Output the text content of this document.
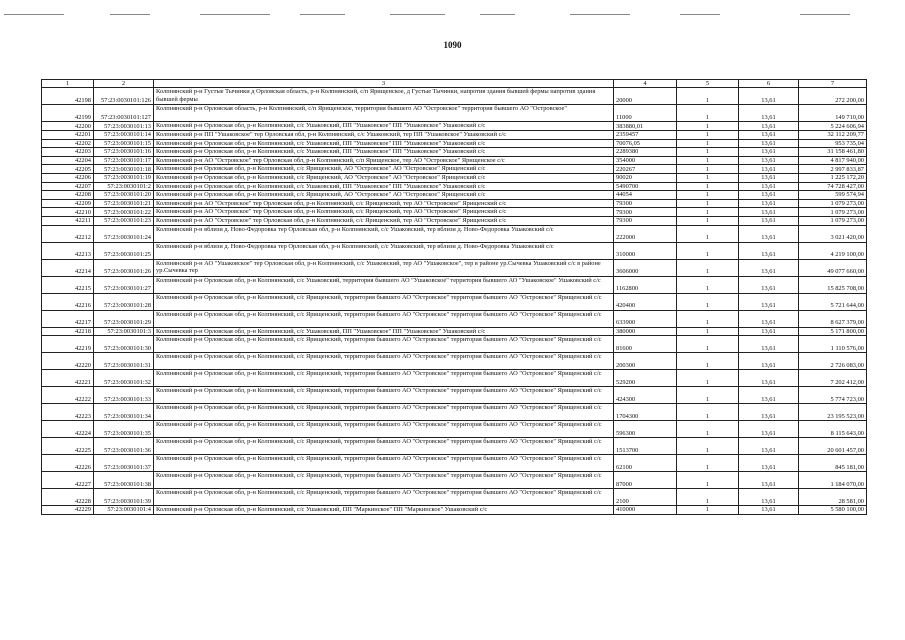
1090
1	2	3	4	5	6	7
42198	57:23:0030101:126	Колпнянский р-н Густые Тычинки д Орловская область, р-н Колпнянский, с/п Ярищенское, д Густые Тычинки, напротив здания бывшей фермы напротив здания бывшей фермы	20000	1	13,61	272 200,00
42199	57:23:0030101:127	Колпнянский р-н Орловская область, р-н Колпнянский, с/п Ярищенское, территория бывшего АО "Островское" территория бывшего АО "Островское"	11000	1	13,61	149 710,00
42200	57:23:0030101:13	Колпнянский р-н Орловская обл, р-н Колпнянский, с/с Ушаковский, ПП "Ушаковское" ПП "Ушаковское" Ушаковский с/с	383880,01	1	13,61	5 224 606,94
42201	57:23:0030101:14	Колпнянский р-н ПП "Ушаковское" тер Орловская обл, р-н Колпнянский, с/с Ушаковский, тер ПП "Ушаковское" Ушаковский с/с	2359457	1	13,61	32 112 209,77
42202	57:23:0030101:15	Колпнянский р-н Орловская обл, р-н Колпнянский, с/с Ушаковский, ПП "Ушаковское" ПП "Ушаковское" Ушаковский с/с	70076,05	1	13,61	953 735,04
42203	57:23:0030101:16	Колпнянский р-н Орловская обл, р-н Колпнянский, с/с Ушаковский, ПП "Ушаковское" ПП "Ушаковское" Ушаковский с/с	2289380	1	13,61	31 158 461,80
42204	57:23:0030101:17	Колпнянский р-н АО "Островское" тер Орловская обл, р-н Колпнянский, с/п Ярищенское, тер АО "Островское" Ярищенское с/с	354000	1	13,61	4 817 940,00
42205	57:23:0030101:18	Колпнянский р-н Орловская обл, р-н Колпнянский, с/с Ярищенский, АО "Островское" АО "Островское" Ярищенский с/с	220267	1	13,61	2 997 833,87
42206	57:23:0030101:19	Колпнянский р-н Орловская обл, р-н Колпнянский, с/с Ярищенский, АО "Островское" АО "Островское" Ярищенский с/с	90020	1	13,61	1 225 172,20
42207	57:23:0030101:2	Колпнянский р-н Орловская обл, р-н Колпнянский, с/с Ушаковский, ПП "Ушаковское" ПП "Ушаковское" Ушаковский с/с	5490700	1	13,61	74 728 427,00
42208	57:23:0030101:20	Колпнянский р-н Орловская обл, р-н Колпнянский, с/с Ярищенский, АО "Островское" АО "Островское" Ярищенский с/с	44054	1	13,61	599 574,94
42209	57:23:0030101:21	Колпнянский р-н АО "Островское" тер Орловская обл, р-н Колпнянский, с/с Ярищенский, тер АО "Островское" Ярищенский с/с	79300	1	13,61	1 079 273,00
42210	57:23:0030101:22	Колпнянский р-н АО "Островское" тер Орловская обл, р-н Колпнянский, с/с Ярищенский, тер АО "Островское" Ярищенский с/с	79300	1	13,61	1 079 273,00
42211	57:23:0030101:23	Колпнянский р-н АО "Островское" тер Орловская обл, р-н Колпнянский, с/с Ярищенский, тер АО "Островское" Ярищенский с/с	79300	1	13,61	1 079 273,00
42212	57:23:0030101:24	Колпнянский р-н вблизи д. Ново-Федоровка тер Орловская обл, р-н Колпнянский, с/с Ушаковский, тер вблизи д. Ново-Федоровка Ушаковский с/с	222000	1	13,61	3 021 420,00
42213	57:23:0030101:25	Колпнянский р-н вблизи д. Ново-Федоровка тер Орловская обл, р-н Колпнянский, с/с Ушаковский, тер вблизи д. Ново-Федоровка Ушаковский с/с	310000	1	13,61	4 219 100,00
42214	57:23:0030101:26	Колпнянский р-н АО "Ушаковское" тер Орловская обл, р-н Колпнянский, с/с Ушаковский, тер АО "Ушаковское", тер в районе ур.Сычевка Ушаковский с/с в районе ур.Сычевка тер	3606000	1	13,61	49 077 660,00
42215	57:23:0030101:27	Колпнянский р-н Орловская обл, р-н Колпнянский, с/с Ушаковский, территория бывшего АО "Ушаковское" территория бывшего АО "Ушаковское" Ушаковский с/с	1162800	1	13,61	15 825 708,00
42216	57:23:0030101:28	Колпнянский р-н Орловская обл, р-н Колпнянский, с/с Ярищенский, территория бывшего АО "Островское" территория бывшего АО "Островское" Ярищенский с/с	420400	1	13,61	5 721 644,00
42217	57:23:0030101:29	Колпнянский р-н Орловская обл, р-н Колпнянский, с/с Ярищенский, территория бывшего АО "Островское" территория бывшего АО "Островское" Ярищенский с/с	633900	1	13,61	8 627 379,00
42218	57:23:0030101:3	Колпнянский р-н Орловская обл, р-н Колпнянский, с/с Ушаковский, ПП "Ушаковское" ПП "Ушаковское" Ушаковский с/с	380000	1	13,61	5 171 800,00
42219	57:23:0030101:30	Колпнянский р-н Орловская обл, р-н Колпнянский, с/с Ярищенский, территория бывшего АО "Островское" территория бывшего АО "Островское" Ярищенский с/с	81600	1	13,61	1 110 576,00
42220	57:23:0030101:31	Колпнянский р-н Орловская обл, р-н Колпнянский, с/с Ярищенский, территория бывшего АО "Островское" территория бывшего АО "Островское" Ярищенский с/с	200300	1	13,61	2 726 083,00
42221	57:23:0030101:32	Колпнянский р-н Орловская обл, р-н Колпнянский, с/с Ярищенский, территория бывшего АО "Островское" территория бывшего АО "Островское" Ярищенский с/с	529200	1	13,61	7 202 412,00
42222	57:23:0030101:33	Колпнянский р-н Орловская обл, р-н Колпнянский, с/с Ярищенский, территория бывшего АО "Островское" территория бывшего АО "Островское" Ярищенский с/с	424300	1	13,61	5 774 723,00
42223	57:23:0030101:34	Колпнянский р-н Орловская обл, р-н Колпнянский, с/с Ярищенский, территория бывшего АО "Островское" территория бывшего АО "Островское" Ярищенский с/с	1704300	1	13,61	23 195 523,00
42224	57:23:0030101:35	Колпнянский р-н Орловская обл, р-н Колпнянский, с/с Ярищенский, территория бывшего АО "Островское" территория бывшего АО "Островское" Ярищенский с/с	596300	1	13,61	8 115 643,00
42225	57:23:0030101:36	Колпнянский р-н Орловская обл, р-н Колпнянский, с/с Ярищенский, территория бывшего АО "Островское" территория бывшего АО "Островское" Ярищенский с/с	1513700	1	13,61	20 601 457,00
42226	57:23:0030101:37	Колпнянский р-н Орловская обл, р-н Колпнянский, с/с Ярищенский, территория бывшего АО "Островское" территория бывшего АО "Островское" Ярищенский с/с	62100	1	13,61	845 181,00
42227	57:23:0030101:38	Колпнянский р-н Орловская обл, р-н Колпнянский, с/с Ярищенский, территория бывшего АО "Островское" территория бывшего АО "Островское" Ярищенский с/с	87000	1	13,61	1 184 070,00
42228	57:23:0030101:39	Колпнянский р-н Орловская обл, р-н Колпнянский, с/с Ярищенский, территория бывшего АО "Островское" территория бывшего АО "Островское" Ярищенский с/с	2100	1	13,61	28 581,00
42229	57:23:0030101:4	Колпнянский р-н Орловская обл, р-н Колпнянский, с/с Ушаковский, ПП "Маркинское" ПП "Маркинское" Ушаковский с/с	410000	1	13,61	5 580 100,00
